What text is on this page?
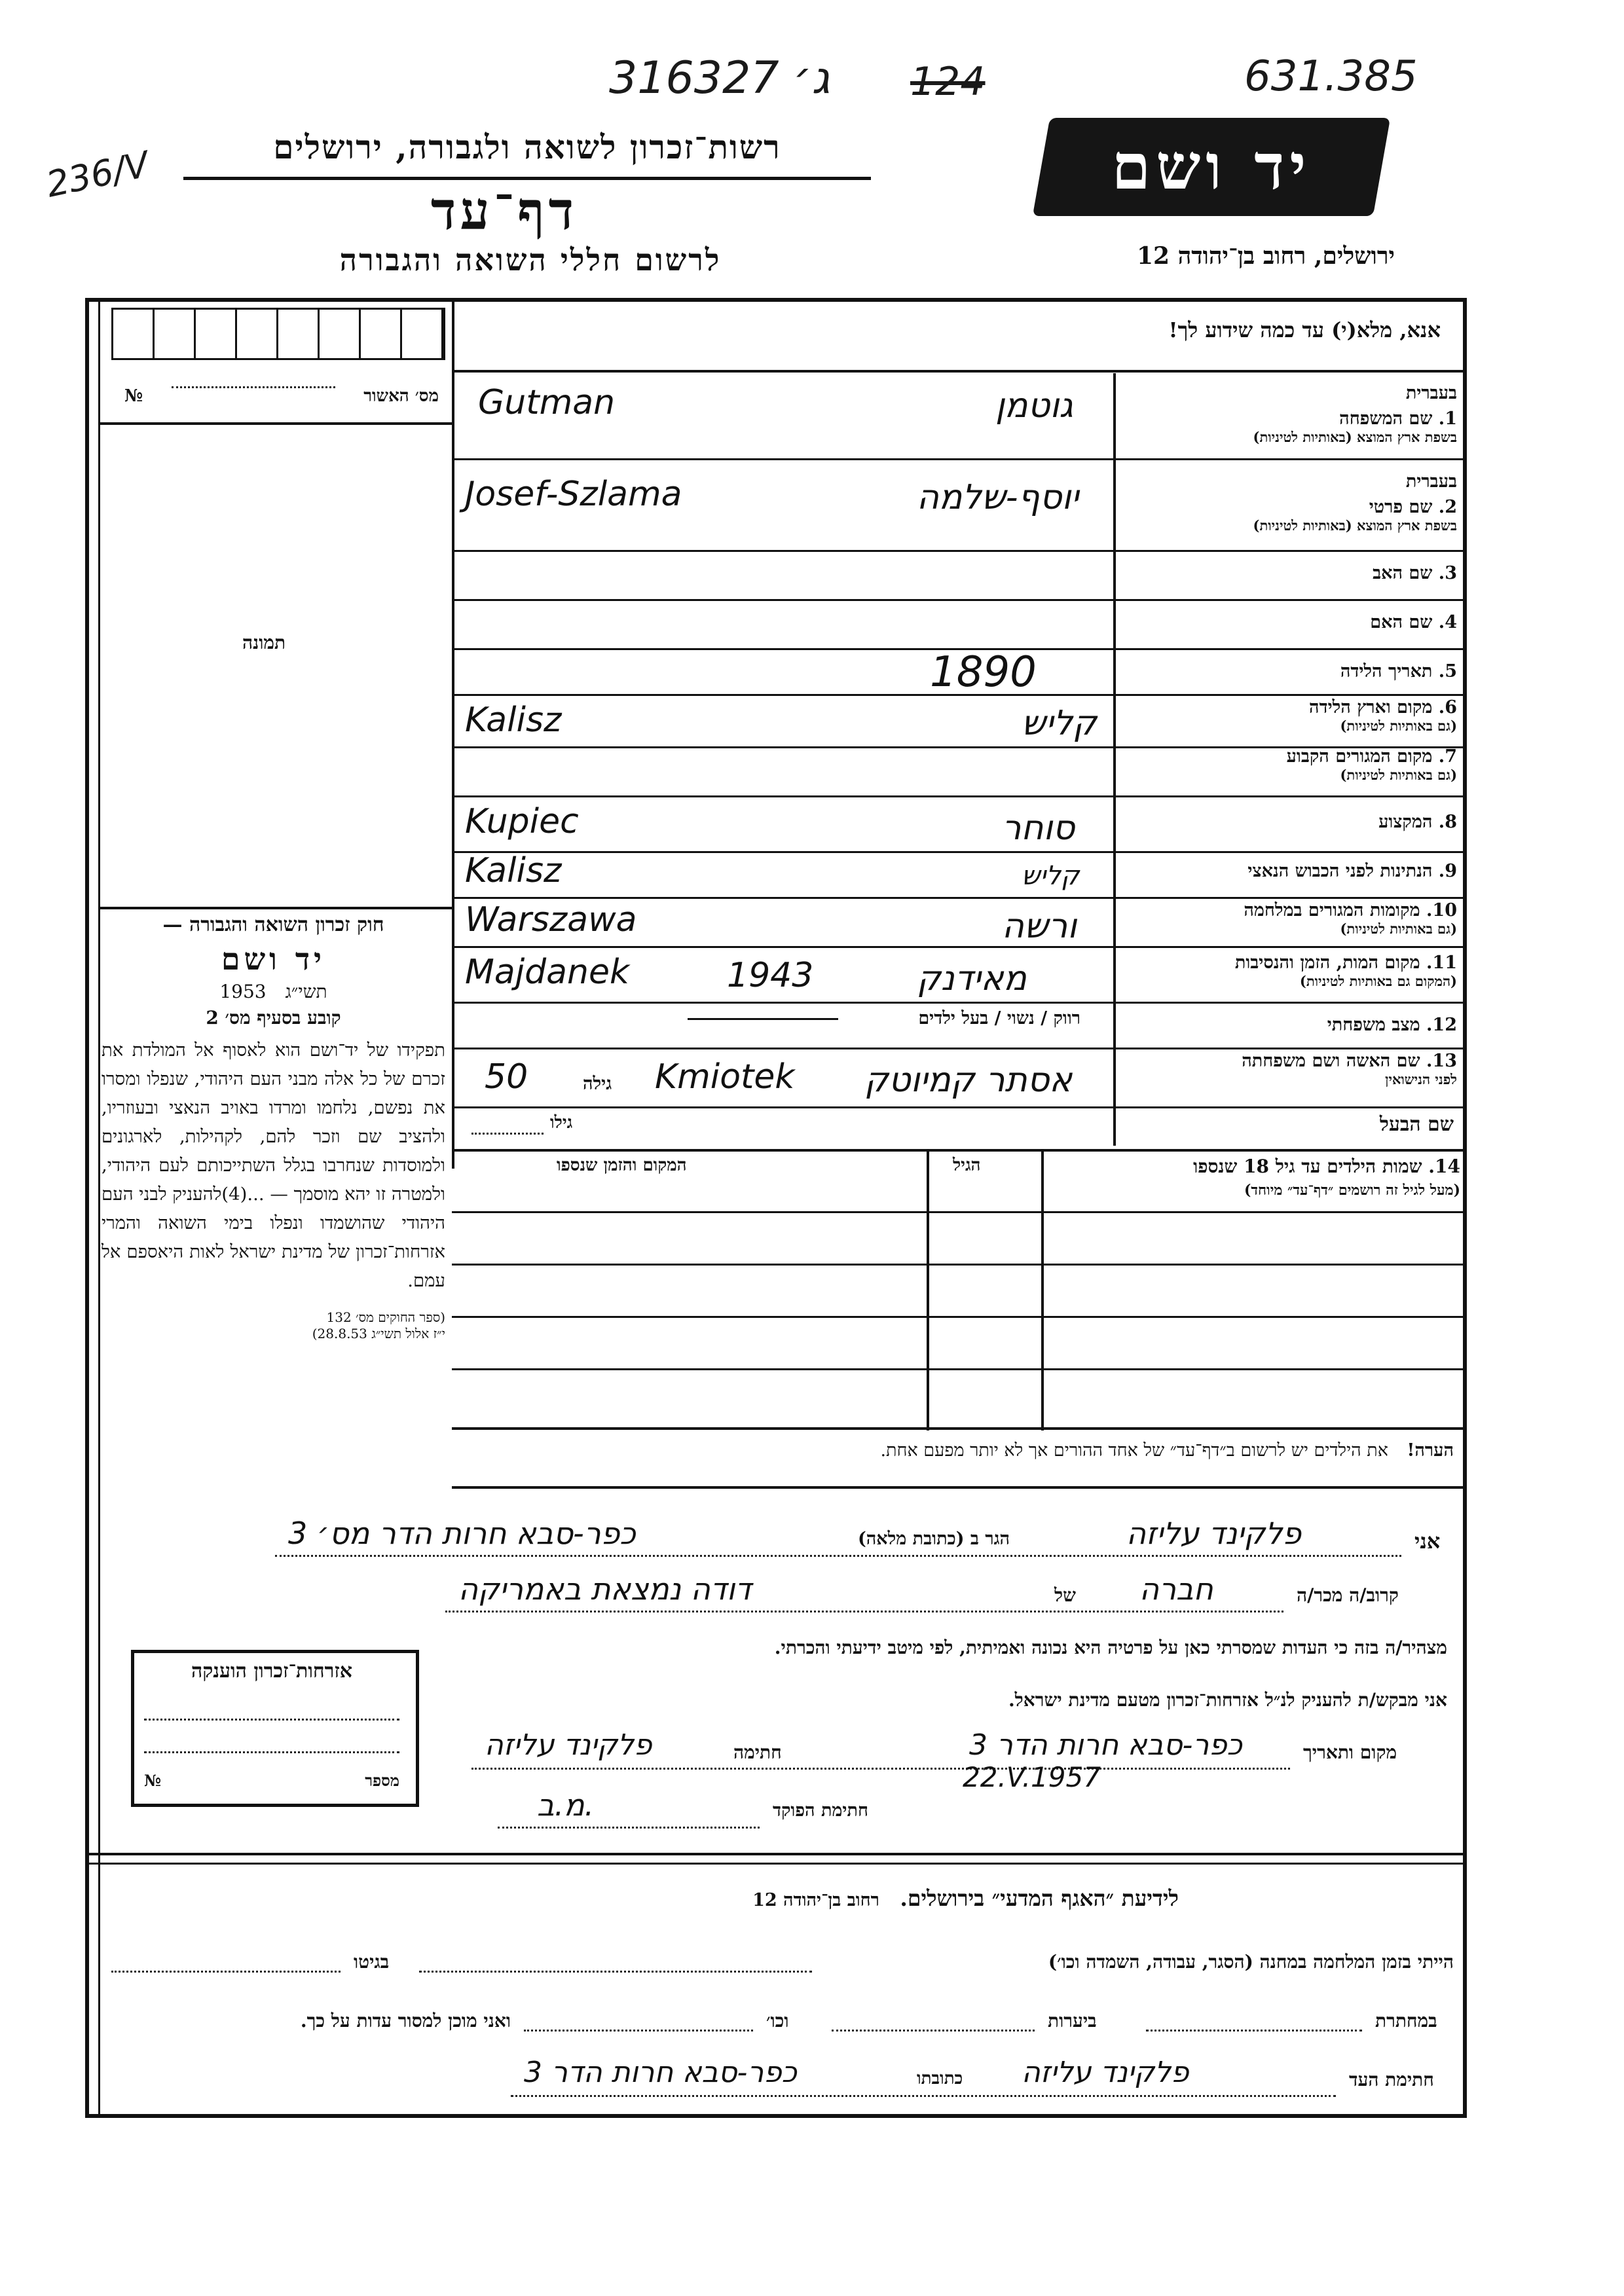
ג׳ 316327 124	631.385
236/V	רשות־זכרון לשואה ולגבורה, ירושלים
דף־עד
לרשום חללי השואה והגבורה
יד ושם
ירושלים, רחוב בן־יהודה 12
מס׳ האשור
№
תמונה
אנא, מלא(י) עד כמה שידוע לך!
בעברית
1. שם המשפחה
בשפת ארץ המוצא (באותיות לטיניות)
Gutman	גוטמן
בעברית
2. שם פרטי
בשפת ארץ המוצא (באותיות לטיניות)
Josef-Szlama	יוסף-שלמה
3. שם האב
4. שם האם
5. תאריך הלידה
1890
6. מקום וארץ הלידה
(גם באותיות לטיניות)
Kalisz	קליש
7. מקום המגורים הקבוע
(גם באותיות לטיניות)
8. המקצוע
Kupiec	סוחר
9. הנתינות לפני הכבוש הנאצי
Kalisz	קליש
10. מקומות המגורים במלחמה
(גם באותיות לטיניות)
Warszawa	ורשה
11. מקום המות, הזמן והנסיבות
(המקום גם באותיות לטיניות)
Majdanek	1943	מאידנק
12. מצב משפחתי
רווק / נשוי / בעל ילדים
13. שם האשה ושם משפחתה
לפני הנישואין
50	גילה Kmiotek אסתר קמיוטק
שם הבעל
גילו
14. שמות הילדים עד גיל 18 שנספו
(מעל לגיל זה רושמים ״דף־עד״ מיוחד)
הגיל
המקום והזמן שנספו
הערה! את הילדים יש לרשום ב״דף־עד״ של אחד ההורים אך לא יותר מפעם אחת.
חוק זכרון השואה והגבורה —
יד ושם
תשי״ג 1953
קובע בסעיף מס׳ 2
תפקידו של יד־ושם הוא לאסוף אל המולדת את זכרם של כל אלה מבני העם היהודי, שנפלו ומסרו את נפשם, נלחמו ומרדו באויב הנאצי ובעוזריו, ולהציב שם וזכר להם, לקהילות, לארגונים ולמוסדות שנחרבו בגלל השתייכותם לעם היהודי, ולמטרה זו יהא מוסמך — ...(4)להעניק לבני העם היהודי שהושמדו ונפלו בימי השואה והמרי אזרחות־זכרון של מדינת ישראל לאות היאספם אל עמם.
(ספר החוקים מס׳ 132
י״ז אלול תשי״ג 28.8.53)
אני
פלקינד עליזה
הגר ב (כתובת מלאה)
כפר-סבא חרות הדר מס׳ 3
קרוב/ה מכר/ה
חברה
של
דודה נמצאת באמריקה
מצהיר/ה בזה כי העדות שמסרתי כאן על פרטיה היא נכונה ואמיתית, לפי מיטב ידיעתי והכרתי.
אני מבקש/ת להעניק לנ״ל אזרחות־זכרון מטעם מדינת ישראל.
מקום ותאריך
כפר-סבא חרות הדר 3
חתימה
פלקינד עליזה
22.V.1957
חתימת הפוקד
מ.ב.
אזרחות־זכרון הוענקה
מספר
№
לידיעת ״האגף המדעי״ בירושלים. רחוב בן־יהודה 12
הייתי בזמן המלחמה במחנה (הסגר, עבודה, השמדה וכו׳)
בגיטו
במחתרת
ביערות
וכו׳
ואני מוכן למסור עדות על כך.
חתימת העד
פלקינד עליזה
כתובתו
כפר-סבא חרות הדר 3
